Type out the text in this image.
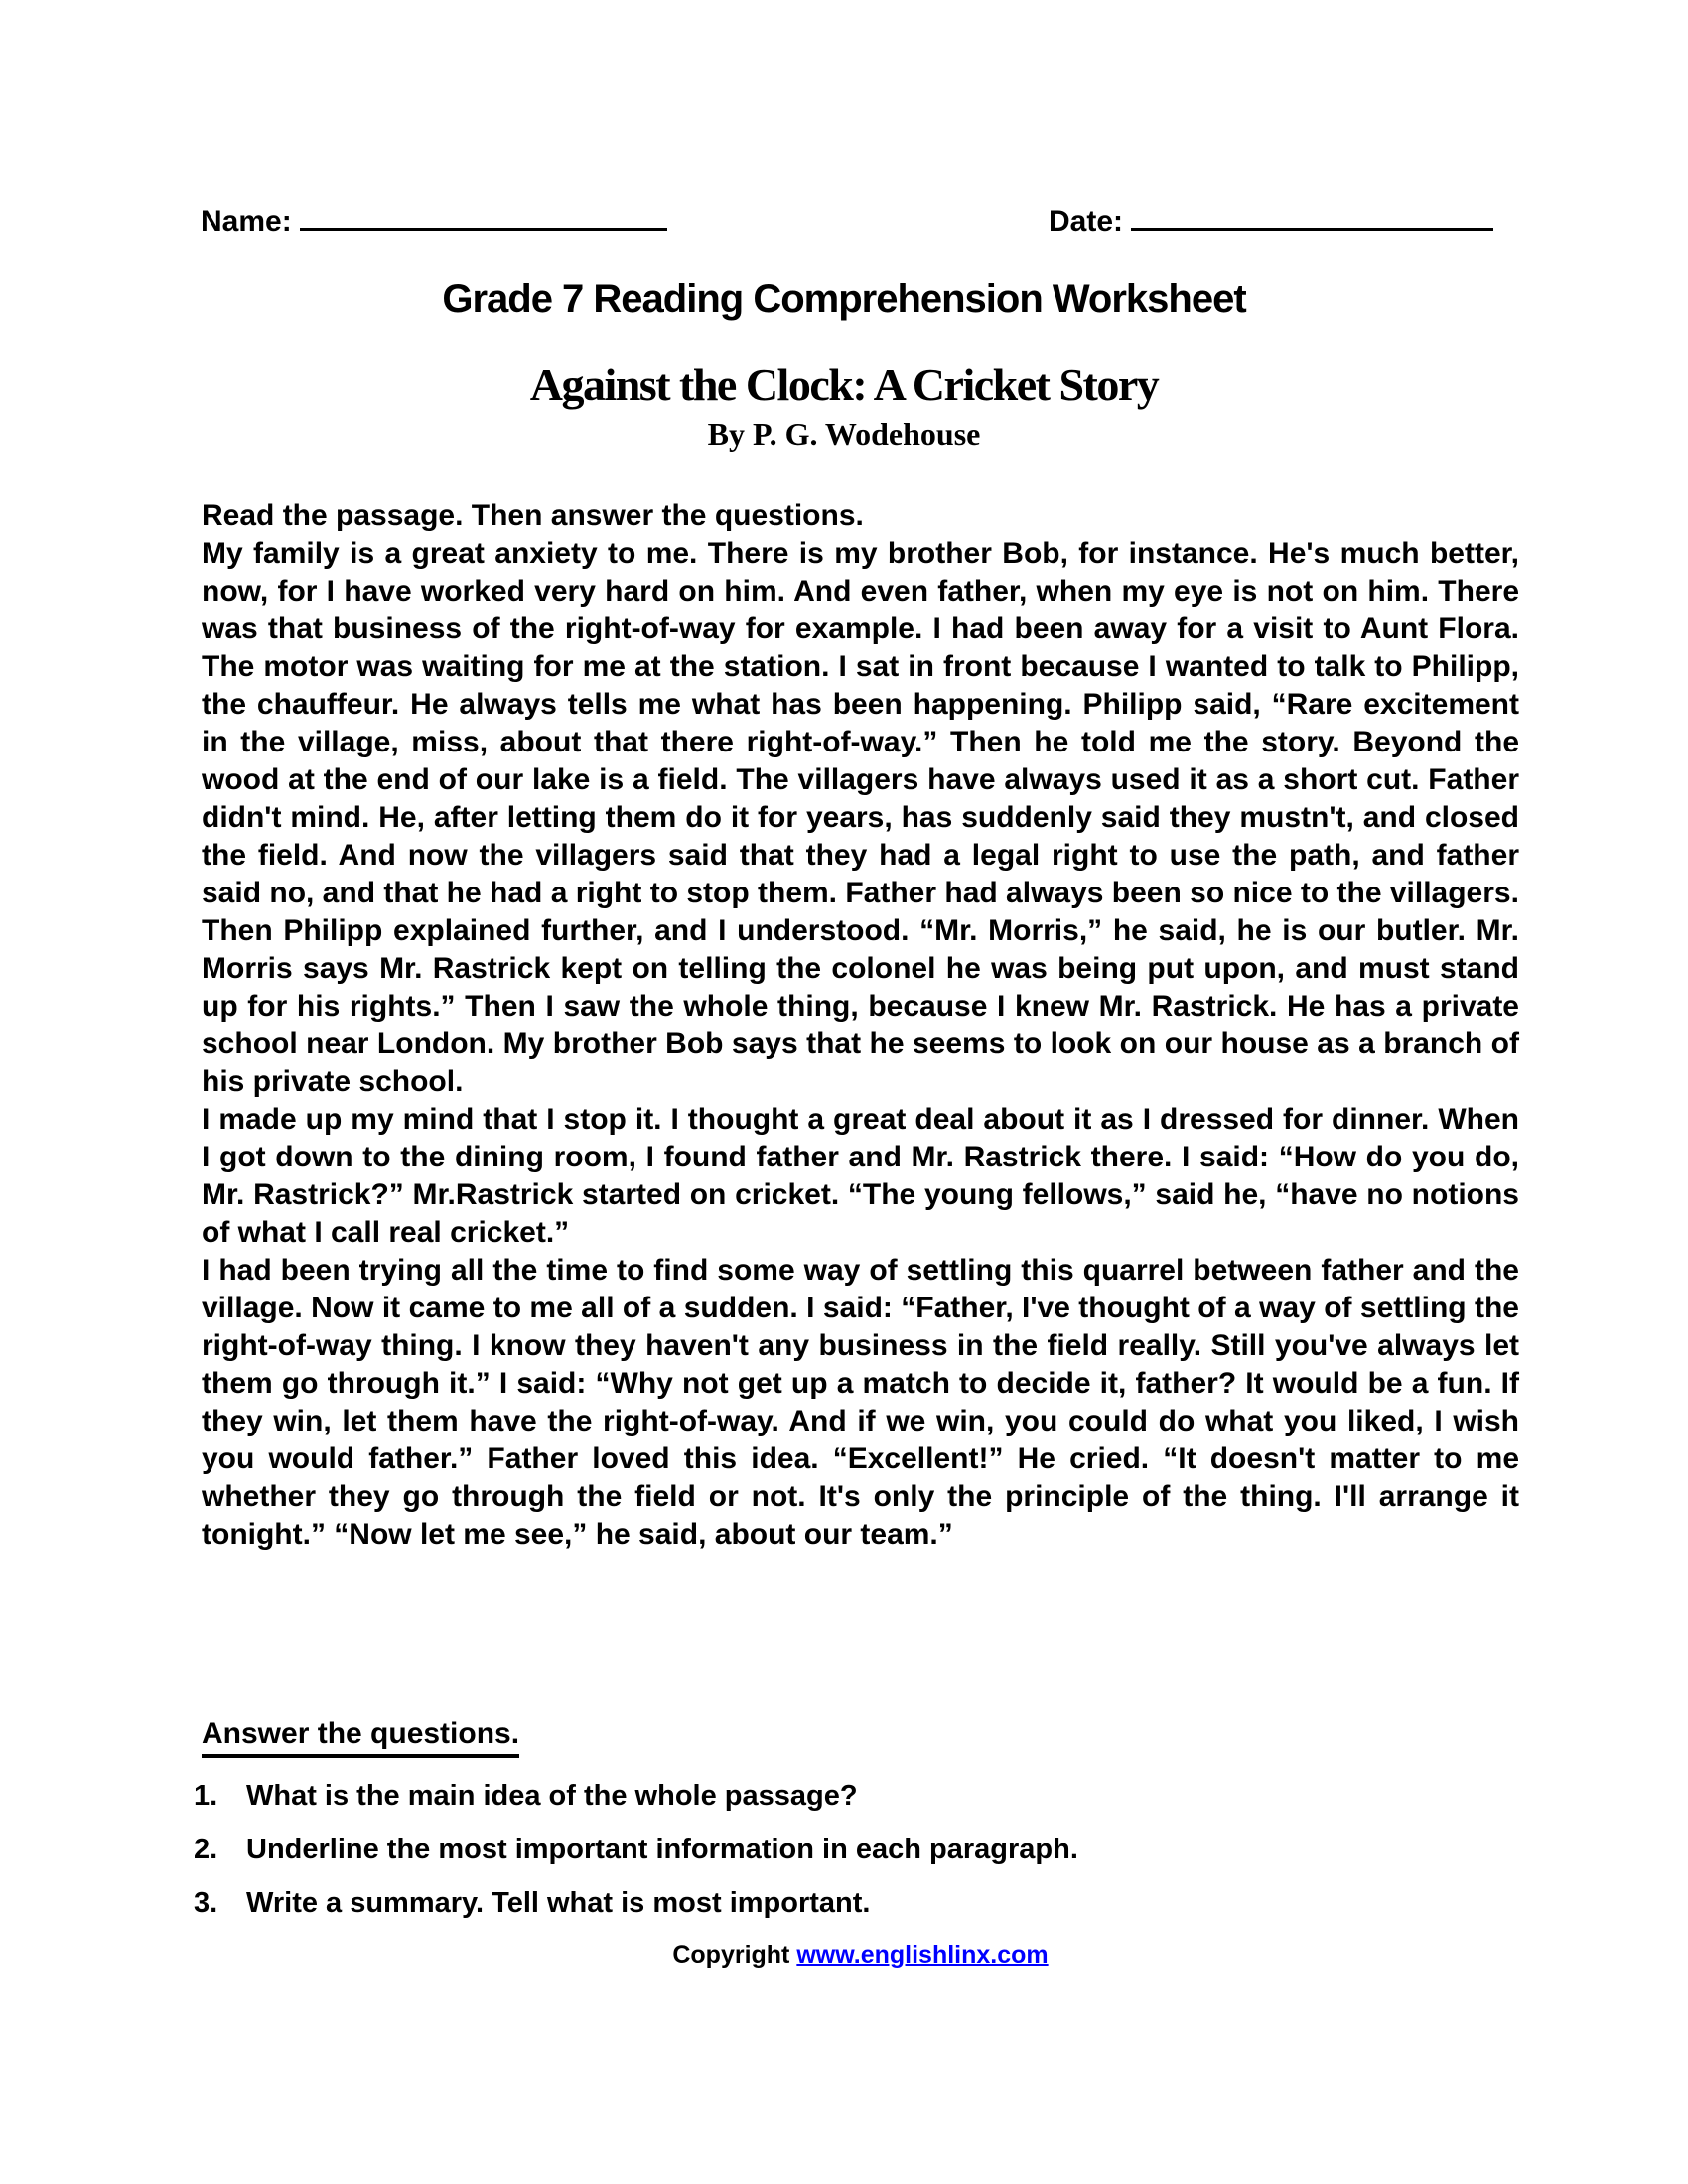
Name:	Date:
Grade 7 Reading Comprehension Worksheet
Against the Clock: A Cricket Story
By P. G. Wodehouse
Read the passage. Then answer the questions.

My family is a great anxiety to me. There is my brother Bob, for instance. He's much better, now, for I have worked very hard on him. And even father, when my eye is not on him. There was that business of the right-of-way for example. I had been away for a visit to Aunt Flora. The motor was waiting for me at the station. I sat in front because I wanted to talk to Philipp, the chauffeur. He always tells me what has been happening. Philipp said, “Rare excitement in the village, miss, about that there right-of-way.” Then he told me the story. Beyond the wood at the end of our lake is a field. The villagers have always used it as a short cut. Father didn't mind. He, after letting them do it for years, has suddenly said they mustn't, and closed the field. And now the villagers said that they had a legal right to use the path, and father said no, and that he had a right to stop them. Father had always been so nice to the villagers.

Then Philipp explained further, and I understood. “Mr. Morris,” he said, he is our butler. Mr. Morris says Mr. Rastrick kept on telling the colonel he was being put upon, and must stand up for his rights.” Then I saw the whole thing, because I knew Mr. Rastrick. He has a private school near London. My brother Bob says that he seems to look on our house as a branch of his private school.

I made up my mind that I stop it. I thought a great deal about it as I dressed for dinner. When I got down to the dining room, I found father and Mr. Rastrick there. I said: “How do you do, Mr. Rastrick?” Mr.Rastrick started on cricket. “The young fellows,” said he, “have no notions of what I call real cricket.”

I had been trying all the time to find some way of settling this quarrel between father and the village. Now it came to me all of a sudden. I said: “Father, I've thought of a way of settling the right-of-way thing. I know they haven't any business in the field really. Still you've always let them go through it.” I said: “Why not get up a match to decide it, father? It would be a fun. If they win, let them have the right-of-way. And if we win, you could do what you liked, I wish you would father.” Father loved this idea. “Excellent!” He cried. “It doesn't matter to me whether they go through the field or not. It's only the principle of the thing. I'll arrange it tonight.” “Now let me see,” he said, about our team.”

Answer the questions.
1. What is the main idea of the whole passage?
2. Underline the most important information in each paragraph.
3. Write a summary. Tell what is most important.
Copyright www.englishlinx.com
